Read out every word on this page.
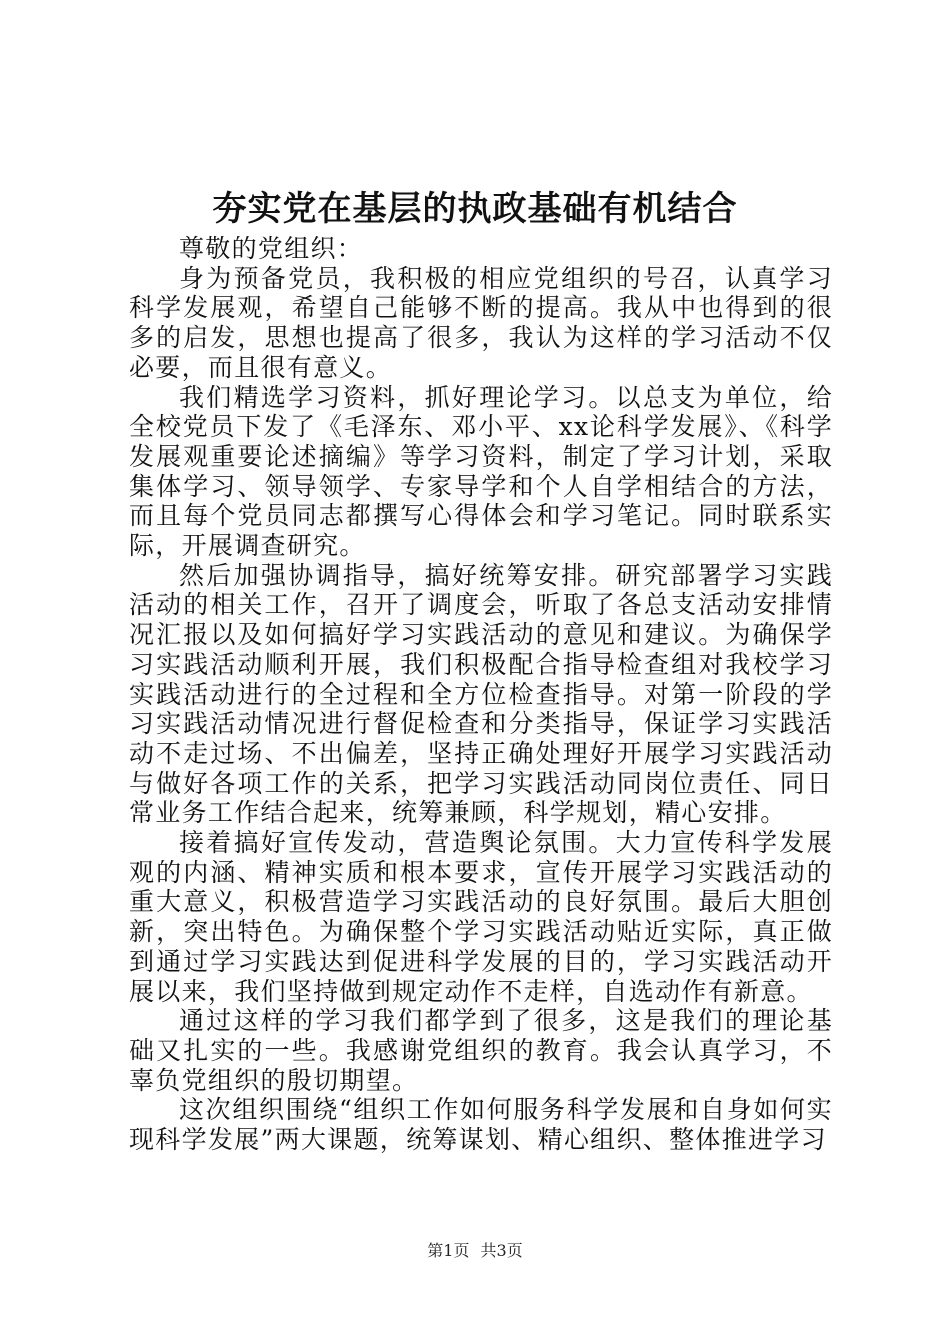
夯实党在基层的执政基础有机结合

尊敬的党组织：

身为预备党员，我积极的相应党组织的号召，认真学习科学发展观，希望自己能够不断的提高。我从中也得到的很多的启发，思想也提高了很多，我认为这样的学习活动不仅必要，而且很有意义。

我们精选学习资料，抓好理论学习。以总支为单位，给全校党员下发了《毛泽东、邓小平、xx论科学发展》、《科学发展观重要论述摘编》等学习资料，制定了学习计划，采取集体学习、领导领学、专家导学和个人自学相结合的方法，而且每个党员同志都撰写心得体会和学习笔记。同时联系实际，开展调查研究。

然后加强协调指导，搞好统筹安排。研究部署学习实践活动的相关工作，召开了调度会，听取了各总支活动安排情况汇报以及如何搞好学习实践活动的意见和建议。为确保学习实践活动顺利开展，我们积极配合指导检查组对我校学习实践活动进行的全过程和全方位检查指导。对第一阶段的学习实践活动情况进行督促检查和分类指导，保证学习实践活动不走过场、不出偏差，坚持正确处理好开展学习实践活动与做好各项工作的关系，把学习实践活动同岗位责任、同日常业务工作结合起来，统筹兼顾，科学规划，精心安排。

接着搞好宣传发动，营造舆论氛围。大力宣传科学发展观的内涵、精神实质和根本要求，宣传开展学习实践活动的重大意义，积极营造学习实践活动的良好氛围。最后大胆创新，突出特色。为确保整个学习实践活动贴近实际，真正做到通过学习实践达到促进科学发展的目的，学习实践活动开展以来，我们坚持做到规定动作不走样，自选动作有新意。

通过这样的学习我们都学到了很多，这是我们的理论基础又扎实的一些。我感谢党组织的教育。我会认真学习，不辜负党组织的殷切期望。

这次组织围绕“组织工作如何服务科学发展和自身如何实现科学发展”两大课题，统筹谋划、精心组织、整体推进学习

第1页 共3页
